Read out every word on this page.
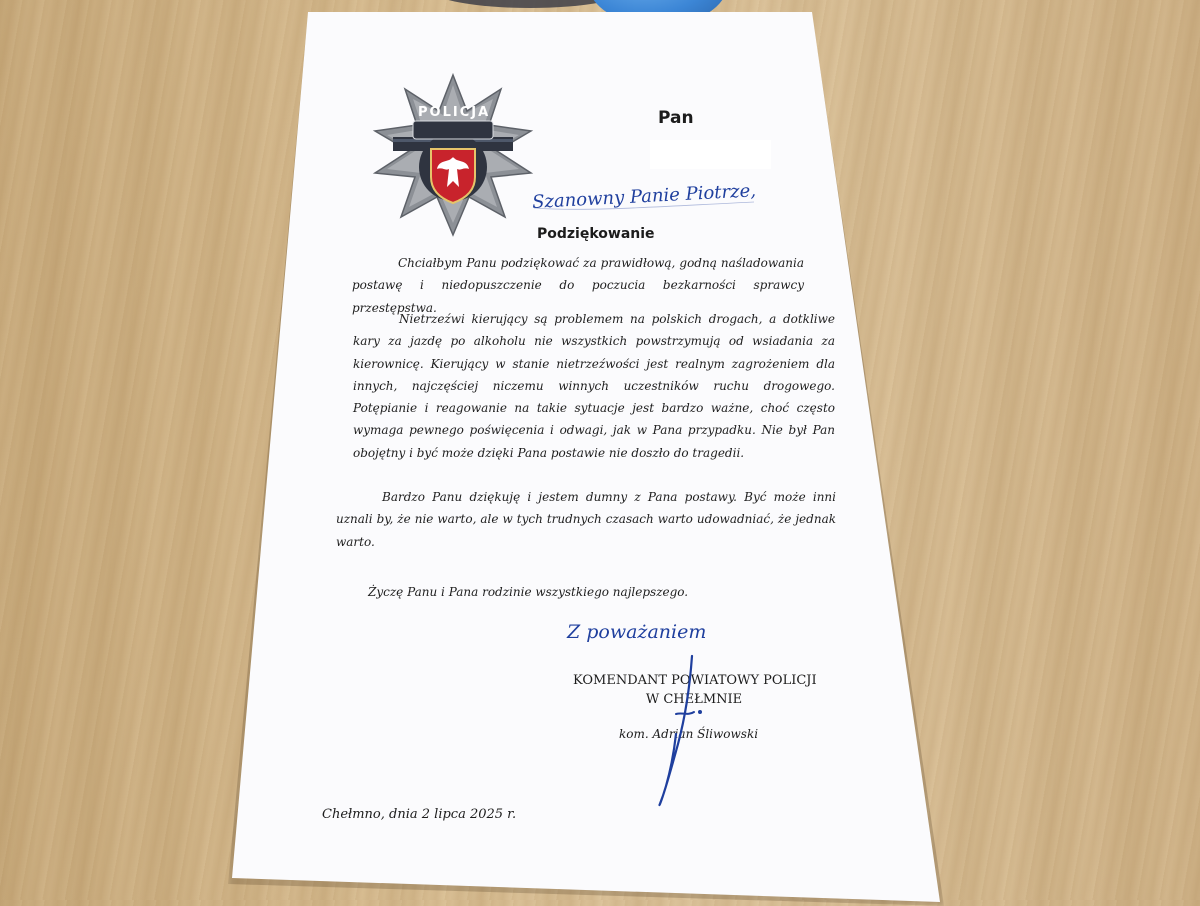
POLICJA	Pan

Szanowny Panie Piotrze,

Podziękowanie

Chciałbym Panu podziękować za prawidłową, godną naśladowania postawę i niedopuszczenie do poczucia bezkarności sprawcy przestępstwa.

Nietrzeźwi kierujący są problemem na polskich drogach, a dotkliwe kary za jazdę po alkoholu nie wszystkich powstrzymują od wsiadania za kierownicę. Kierujący w stanie nietrzeźwości jest realnym zagrożeniem dla innych, najczęściej niczemu winnych uczestników ruchu drogowego. Potępianie i reagowanie na takie sytuacje jest bardzo ważne, choć często wymaga pewnego poświęcenia i odwagi, jak w Pana przypadku. Nie był Pan obojętny i być może dzięki Pana postawie nie doszło do tragedii.

Bardzo Panu dziękuję i jestem dumny z Pana postawy. Być może inni uznali by, że nie warto, ale w tych trudnych czasach warto udowadniać, że jednak warto.

Życzę Panu i Pana rodzinie wszystkiego najlepszego.

Z poważaniem

KOMENDANT POWIATOWY POLICJI

W CHEŁMNIE

kom. Adrian Śliwowski

Chełmno, dnia 2 lipca 2025 r.
